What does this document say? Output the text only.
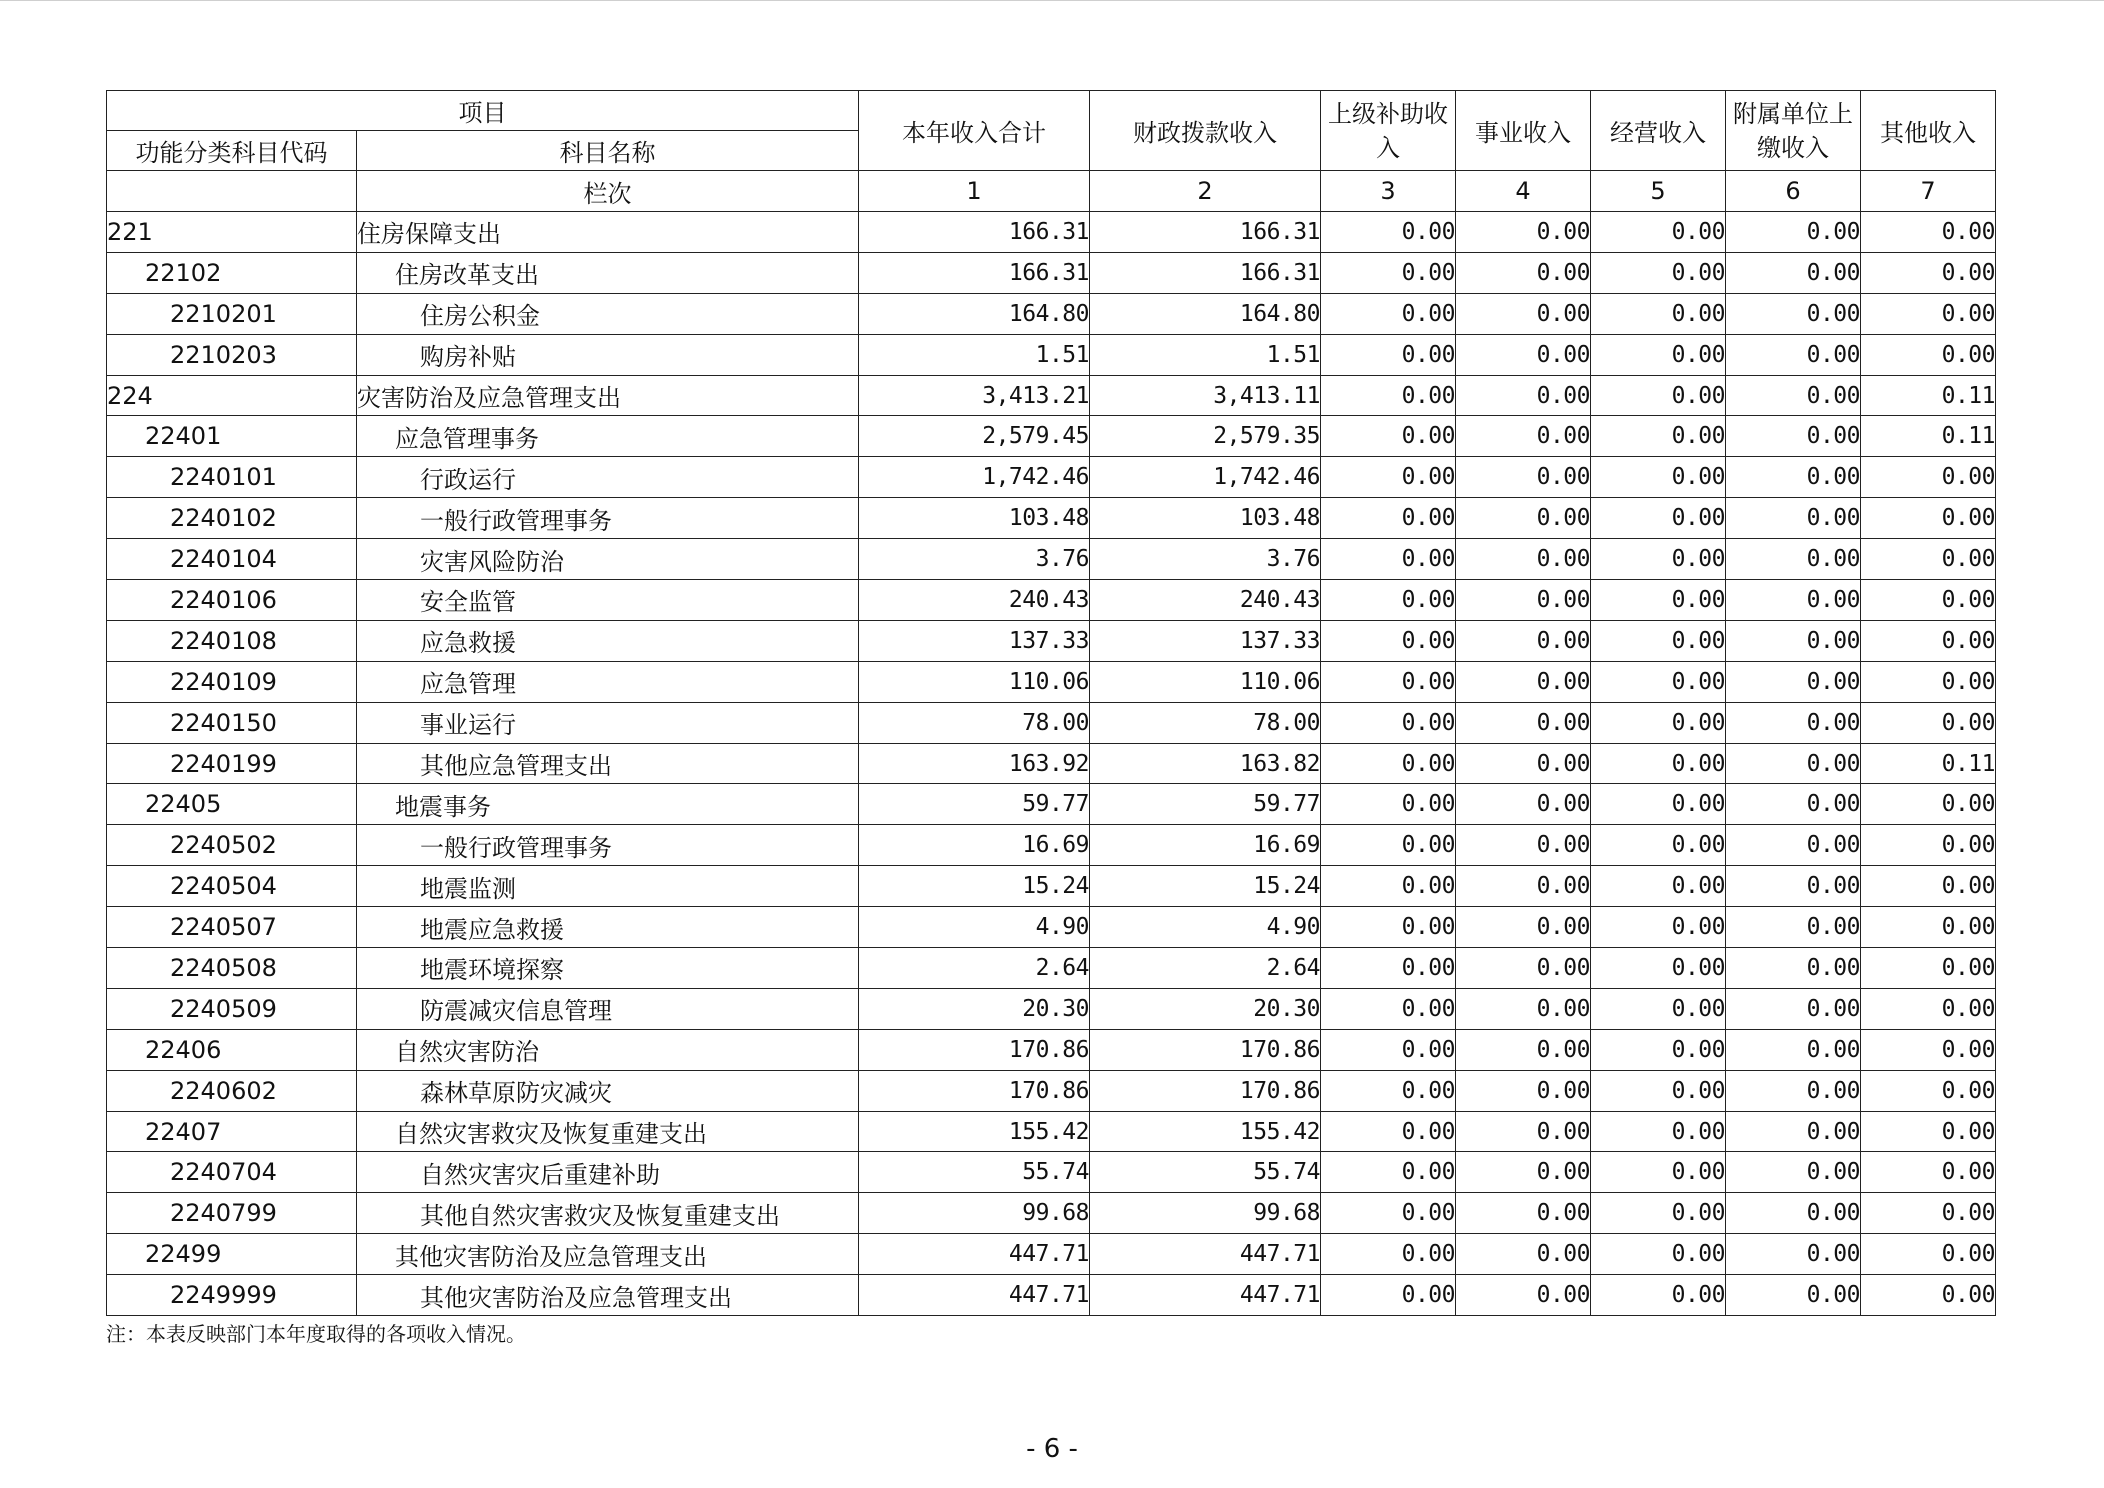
项目		本年收入合计	财政拨款收入	上级补助收入	事业收入	经营收入	附属单位上缴收入	其他收入
功能分类科目代码	科目名称							
	栏次	1	2	3	4	5	6	7
221	住房保障支出	166.31	166.31	0.00	0.00	0.00	0.00	0.00
22102	住房改革支出	166.31	166.31	0.00	0.00	0.00	0.00	0.00
2210201	住房公积金	164.80	164.80	0.00	0.00	0.00	0.00	0.00
2210203	购房补贴	1.51	1.51	0.00	0.00	0.00	0.00	0.00
224	灾害防治及应急管理支出	3,413.21	3,413.11	0.00	0.00	0.00	0.00	0.11
22401	应急管理事务	2,579.45	2,579.35	0.00	0.00	0.00	0.00	0.11
2240101	行政运行	1,742.46	1,742.46	0.00	0.00	0.00	0.00	0.00
2240102	一般行政管理事务	103.48	103.48	0.00	0.00	0.00	0.00	0.00
2240104	灾害风险防治	3.76	3.76	0.00	0.00	0.00	0.00	0.00
2240106	安全监管	240.43	240.43	0.00	0.00	0.00	0.00	0.00
2240108	应急救援	137.33	137.33	0.00	0.00	0.00	0.00	0.00
2240109	应急管理	110.06	110.06	0.00	0.00	0.00	0.00	0.00
2240150	事业运行	78.00	78.00	0.00	0.00	0.00	0.00	0.00
2240199	其他应急管理支出	163.92	163.82	0.00	0.00	0.00	0.00	0.11
22405	地震事务	59.77	59.77	0.00	0.00	0.00	0.00	0.00
2240502	一般行政管理事务	16.69	16.69	0.00	0.00	0.00	0.00	0.00
2240504	地震监测	15.24	15.24	0.00	0.00	0.00	0.00	0.00
2240507	地震应急救援	4.90	4.90	0.00	0.00	0.00	0.00	0.00
2240508	地震环境探察	2.64	2.64	0.00	0.00	0.00	0.00	0.00
2240509	防震减灾信息管理	20.30	20.30	0.00	0.00	0.00	0.00	0.00
22406	自然灾害防治	170.86	170.86	0.00	0.00	0.00	0.00	0.00
2240602	森林草原防灾减灾	170.86	170.86	0.00	0.00	0.00	0.00	0.00
22407	自然灾害救灾及恢复重建支出	155.42	155.42	0.00	0.00	0.00	0.00	0.00
2240704	自然灾害灾后重建补助	55.74	55.74	0.00	0.00	0.00	0.00	0.00
2240799	其他自然灾害救灾及恢复重建支出	99.68	99.68	0.00	0.00	0.00	0.00	0.00
22499	其他灾害防治及应急管理支出	447.71	447.71	0.00	0.00	0.00	0.00	0.00
2249999	其他灾害防治及应急管理支出	447.71	447.71	0.00	0.00	0.00	0.00	0.00
注：本表反映部门本年度取得的各项收入情况。
- 6 -
